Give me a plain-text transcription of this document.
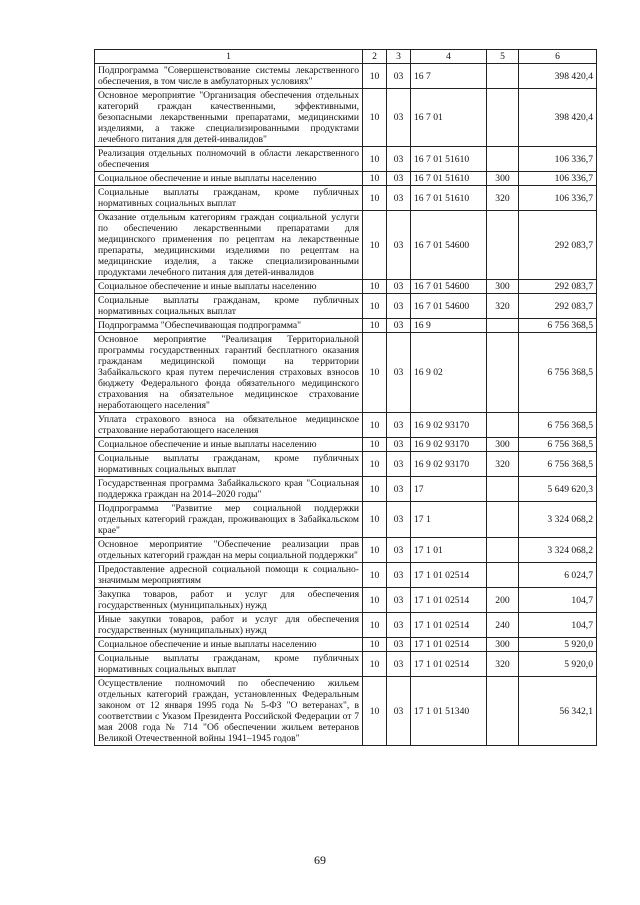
1	2	3	4	5	6
Подпрограмма "Совершенствование системы лекарственного обеспечения, в том числе в амбулаторных условиях"	10	03	16 7		398 420,4
Основное мероприятие "Организация обеспечения отдельных категорий граждан качественными, эффективными, безопасными лекарственными препаратами, медицинскими изделиями, а также специализированными продуктами лечебного питания для детей-инвалидов"	10	03	16 7 01		398 420,4
Реализация отдельных полномочий в области лекарственного обеспечения	10	03	16 7 01 51610		106 336,7
Социальное обеспечение и иные выплаты населению	10	03	16 7 01 51610	300	106 336,7
Социальные выплаты гражданам, кроме публичных нормативных социальных выплат	10	03	16 7 01 51610	320	106 336,7
Оказание отдельным категориям граждан социальной услуги по обеспечению лекарственными препаратами для медицинского применения по рецептам на лекарственные препараты, медицинскими изделиями по рецептам на медицинские изделия, а также специализированными продуктами лечебного питания для детей-инвалидов	10	03	16 7 01 54600		292 083,7
Социальное обеспечение и иные выплаты населению	10	03	16 7 01 54600	300	292 083,7
Социальные выплаты гражданам, кроме публичных нормативных социальных выплат	10	03	16 7 01 54600	320	292 083,7
Подпрограмма "Обеспечивающая подпрограмма"	10	03	16 9		6 756 368,5
Основное мероприятие "Реализация Территориальной программы государственных гарантий бесплатного оказания гражданам медицинской помощи на территории Забайкальского края путем перечисления страховых взносов бюджету Федерального фонда обязательного медицинского страхования на обязательное медицинское страхование неработающего населения"	10	03	16 9 02		6 756 368,5
Уплата страхового взноса на обязательное медицинское страхование неработающего населения	10	03	16 9 02 93170		6 756 368,5
Социальное обеспечение и иные выплаты населению	10	03	16 9 02 93170	300	6 756 368,5
Социальные выплаты гражданам, кроме публичных нормативных социальных выплат	10	03	16 9 02 93170	320	6 756 368,5
Государственная программа Забайкальского края "Социальная поддержка граждан на 2014–2020 годы"	10	03	17		5 649 620,3
Подпрограмма "Развитие мер социальной поддержки отдельных категорий граждан, проживающих в Забайкальском крае"	10	03	17 1		3 324 068,2
Основное мероприятие "Обеспечение реализации прав отдельных категорий граждан на меры социальной поддержки"	10	03	17 1 01		3 324 068,2
Предоставление адресной социальной помощи к социально-значимым мероприятиям	10	03	17 1 01 02514		6 024,7
Закупка товаров, работ и услуг для обеспечения государственных (муниципальных) нужд	10	03	17 1 01 02514	200	104,7
Иные закупки товаров, работ и услуг для обеспечения государственных (муниципальных) нужд	10	03	17 1 01 02514	240	104,7
Социальное обеспечение и иные выплаты населению	10	03	17 1 01 02514	300	5 920,0
Социальные выплаты гражданам, кроме публичных нормативных социальных выплат	10	03	17 1 01 02514	320	5 920,0
Осуществление полномочий по обеспечению жильем отдельных категорий граждан, установленных Федеральным законом от 12 января 1995 года № 5-ФЗ "О ветеранах", в соответствии с Указом Президента Российской Федерации от 7 мая 2008 года № 714 "Об обеспечении жильем ветеранов Великой Отечественной войны 1941–1945 годов"	10	03	17 1 01 51340		56 342,1
69
